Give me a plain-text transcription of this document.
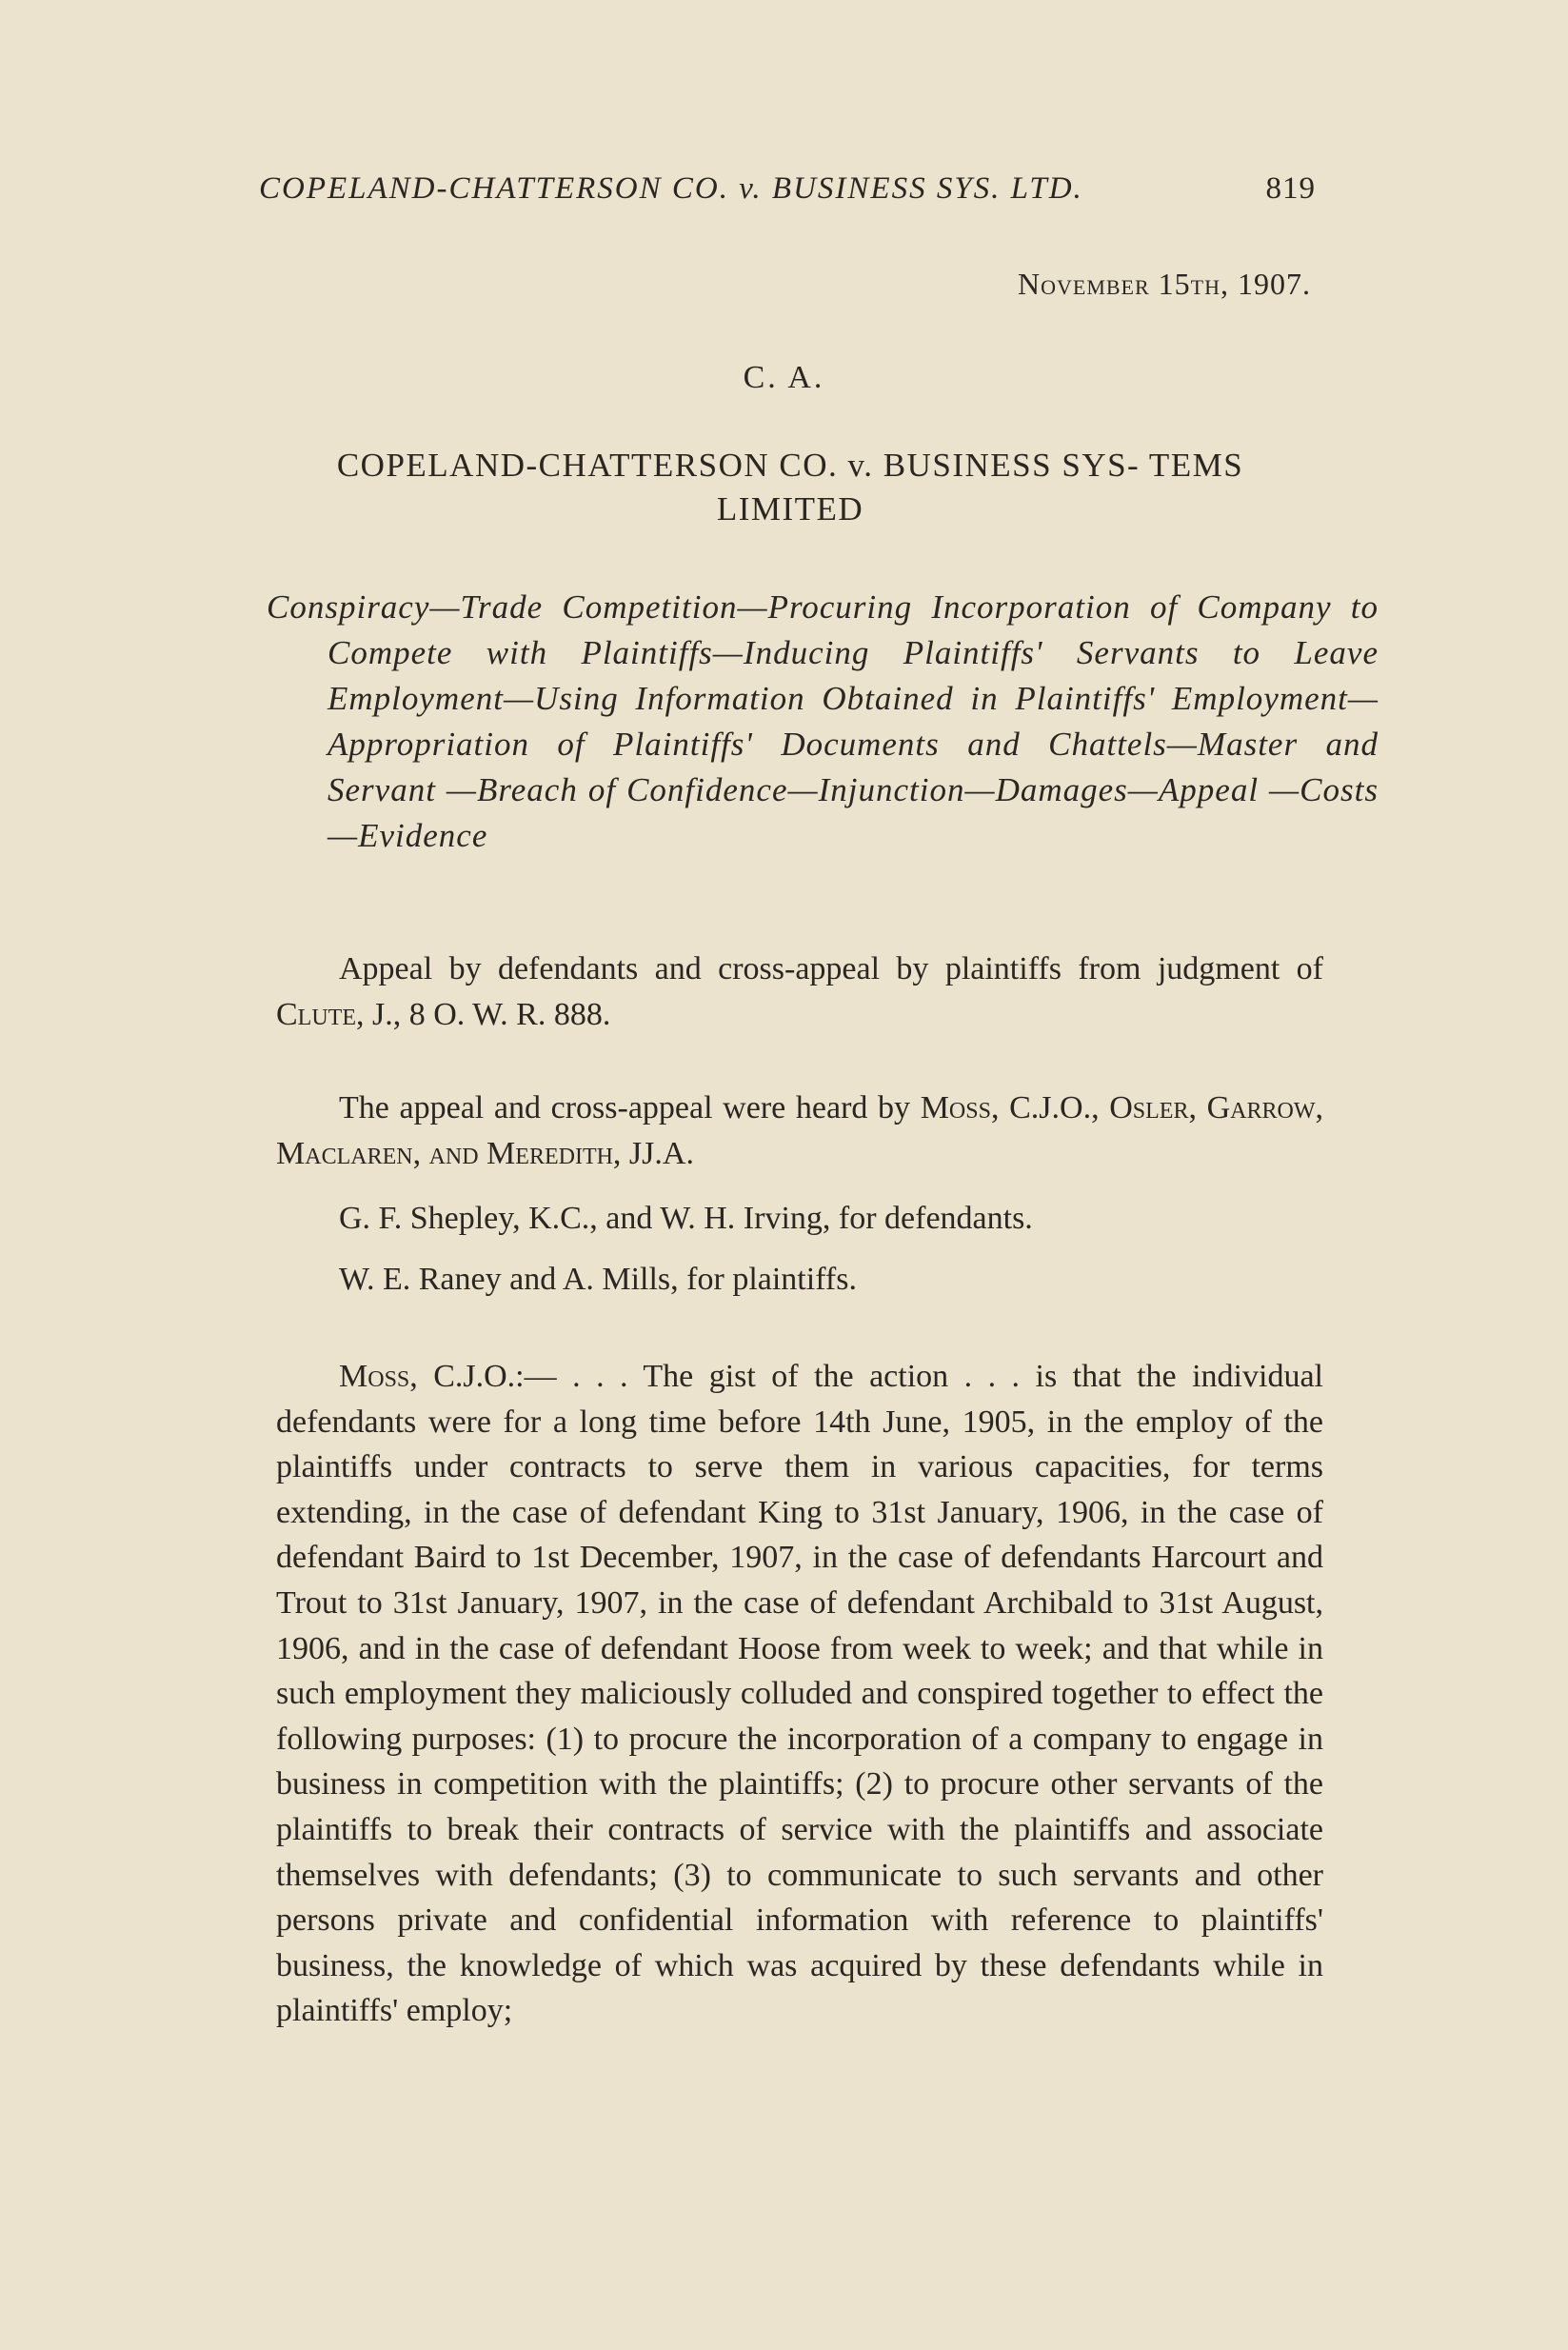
COPELAND-CHATTERSON CO. v. BUSINESS SYS. LTD.	819
November 15th, 1907.
C. A.
COPELAND-CHATTERSON CO. v. BUSINESS SYS- TEMS LIMITED
Conspiracy—Trade Competition—Procuring Incorporation of Company to Compete with Plaintiffs—Inducing Plaintiffs' Servants to Leave Employment—Using Information Obtained in Plaintiffs' Employment—Appropriation of Plaintiffs' Documents and Chattels—Master and Servant —Breach of Confidence—Injunction—Damages—Appeal —Costs—Evidence
Appeal by defendants and cross-appeal by plaintiffs from judgment of Clute, J., 8 O. W. R. 888.
The appeal and cross-appeal were heard by Moss, C.J.O., Osler, Garrow, Maclaren, and Meredith, JJ.A.
G. F. Shepley, K.C., and W. H. Irving, for defendants.
W. E. Raney and A. Mills, for plaintiffs.

Moss, C.J.O.:— . . . The gist of the action . . . is that the individual defendants were for a long time before 14th June, 1905, in the employ of the plaintiffs under contracts to serve them in various capacities, for terms extending, in the case of defendant King to 31st January, 1906, in the case of defendant Baird to 1st December, 1907, in the case of defendants Harcourt and Trout to 31st January, 1907, in the case of defendant Archibald to 31st August, 1906, and in the case of defendant Hoose from week to week; and that while in such employment they maliciously colluded and conspired together to effect the following purposes: (1) to procure the incorporation of a company to engage in business in competition with the plaintiffs; (2) to procure other servants of the plaintiffs to break their contracts of service with the plaintiffs and associate themselves with defendants; (3) to communicate to such servants and other persons private and confidential information with reference to plaintiffs' business, the knowledge of which was acquired by these defendants while in plaintiffs' employ;
